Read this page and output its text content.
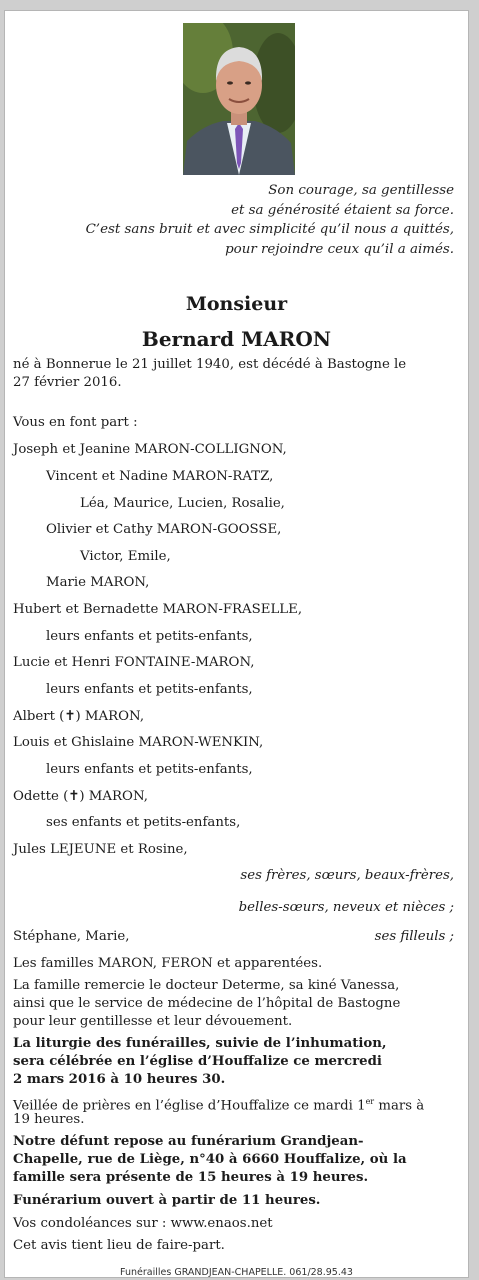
Son courage, sa gentillesse
et sa générosité étaient sa force.
C’est sans bruit et avec simplicité qu’il nous a quittés,
pour rejoindre ceux qu’il a aimés.
Monsieur
Bernard MARON
né à Bonnerue le 21 juillet 1940, est décédé à Bastogne le
27 février 2016.
Vous en font part :
Joseph et Jeanine MARON-COLLIGNON,
Vincent et Nadine MARON-RATZ,
Léa, Maurice, Lucien, Rosalie,
Olivier et Cathy MARON-GOOSSE,
Victor, Emile,
Marie MARON,
Hubert et Bernadette MARON-FRASELLE,
leurs enfants et petits-enfants,
Lucie et Henri FONTAINE-MARON,
leurs enfants et petits-enfants,
Albert (✝) MARON,
Louis et Ghislaine MARON-WENKIN,
leurs enfants et petits-enfants,
Odette (✝) MARON,
ses enfants et petits-enfants,
Jules LEJEUNE et Rosine,
ses frères, sœurs, beaux-frères,
belles-sœurs, neveux et nièces ;
Stéphane, Marie,	ses filleuls ;
Les familles MARON, FERON et apparentées.
La famille remercie le docteur Determe, sa kiné Vanessa,
ainsi que le service de médecine de l’hôpital de Bastogne
pour leur gentillesse et leur dévouement.
La liturgie des funérailles, suivie de l’inhumation,
sera célébrée en l’église d’Houffalize ce mercredi
2 mars 2016 à 10 heures 30.
Veillée de prières en l’église d’Houffalize ce mardi 1er mars à
19 heures.
Notre défunt repose au funérarium Grandjean-
Chapelle, rue de Liège, n°40 à 6660 Houffalize, où la
famille sera présente de 15 heures à 19 heures.
Funérarium ouvert à partir de 11 heures.
Vos condoléances sur : www.enaos.net
Cet avis tient lieu de faire-part.
Funérailles GRANDJEAN-CHAPELLE. 061/28.95.43
